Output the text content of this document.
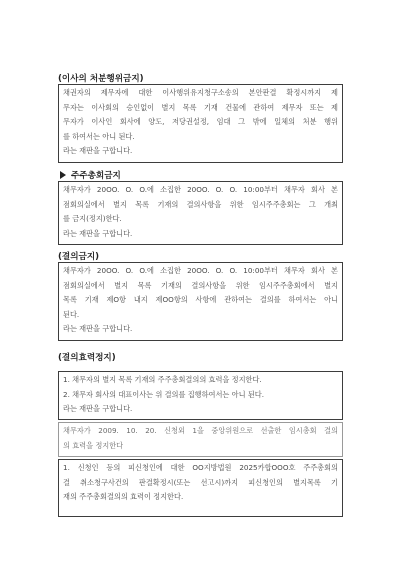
(이사의 처분행위금지)
채권자의 제무자에 대한 이사행위유지청구소송의 본안판결 확정시까지 제
무자는 이사회의 승인없이 별지 목록 기재 건물에 관하여 제무자 또는 제
무자가 이사인 회사에 양도, 저당권설정, 임대 그 밖에 일체의 처분 행위
를 하여서는 아니 된다.
라는 재판을 구합니다.
주주총회금지
채무자가 20OO. O. O.에 소집한 20OO. O. O. 10:00부터 채무자 회사 본
점회의실에서 별지 목록 기재의 결의사항을 위한 임시주주총회는 그 개최
를 금지(정지)한다.
라는 재판을 구합니다.
(결의금지)
채무자가 20OO. O. O.에 소집한 20OO. O. O. 10:00부터 채무자 회사 본
점회의실에서 별지 목록 기재의 결의사항을 위한 임시주주총회에서 별지
목록 기재 제O항 내지 제OO항의 사항에 관하여는 결의를 하여서는 아니
된다.
라는 재판을 구합니다.
(결의효력정지)
1. 채무자의 별지 목록 기재의 주주총회결의의 효력을 정지한다.
2. 채무자 회사의 대표이사는 위 결의를 집행하여서는 아니 된다.
라는 재판을 구합니다.
채무자가 2009. 10. 20. 신청외 1을 중앙위원으로 선출한 임시총회 결의
의 효력을 정지한다
1. 신청인 등의 피신청인에 대한 OO지방법원 2025카합OOO호 주주총회의
결 취소청구사건의 판결확정시(또는 선고시)까지 피신청인의 별지목록 기
재의 주주총회결의의 효력이 정지한다.
